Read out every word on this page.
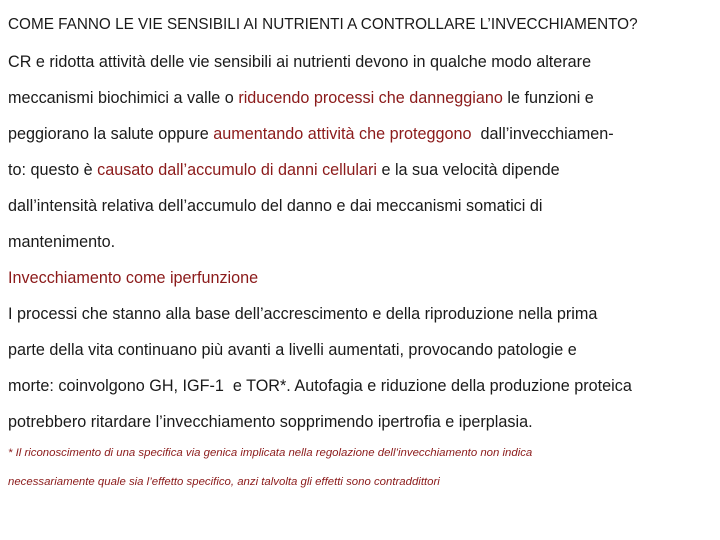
COME FANNO LE VIE SENSIBILI AI NUTRIENTI A CONTROLLARE L’INVECCHIAMENTO?
CR e ridotta attività delle vie sensibili ai nutrienti devono in qualche modo alterare
meccanismi biochimici a valle o riducendo processi che danneggiano le funzioni e
peggiorano la salute oppure aumentando attività che proteggono  dall’invecchiamen-
to: questo è causato dall’accumulo di danni cellulari e la sua velocità dipende
dall’intensità relativa dell’accumulo del danno e dai meccanismi somatici di
mantenimento.
Invecchiamento come iperfunzione
I processi che stanno alla base dell’accrescimento e della riproduzione nella prima
parte della vita continuano più avanti a livelli aumentati, provocando patologie e
morte: coinvolgono GH, IGF-1  e TOR*. Autofagia e riduzione della produzione proteica
potrebbero ritardare l’invecchiamento sopprimendo ipertrofia e iperplasia.
* Il riconoscimento di una specifica via genica implicata nella regolazione dell’invecchiamento non indica
necessariamente quale sia l’effetto specifico, anzi talvolta gli effetti sono contraddittori
